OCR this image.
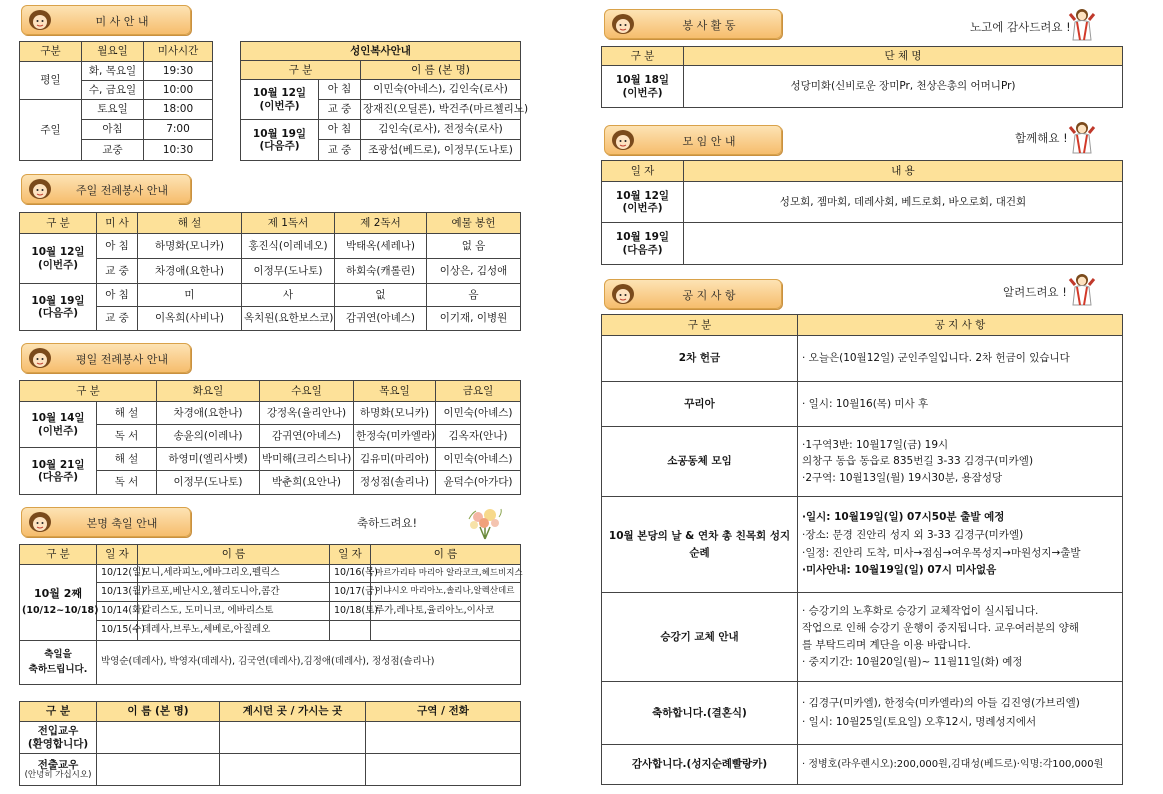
미 사 안 내
구분	월요일	미사시간
평일	화, 목요일	19:30
	수, 금요일	10:00
주일	토요일	18:00
	아침	7:00
	교중	10:30
성인복사안내		
구 분		이 름 (본 명)

10월 12일
(이번주)	아 침	이민숙(아네스), 김인숙(로사)
	교 중	장재진(오딜론), 박건주(마르첼리노)

10월 19일
(다음주)	아 침	김인숙(로사), 전정숙(로사)
	교 중	조광섭(베드로), 이정무(도나토)
주일 전례봉사 안내
구 분	미 사	해 설	제 1독서	제 2독서	예물 봉헌

10월 12일
(이번주)	아 침	하명화(모니카)	홍진식(이레네오)	박태옥(세레나)	없 음
	교 중	차경애(요한나)	이정무(도나토)	하회숙(캐롤린)	이상은, 김성애

10월 19일
(다음주)	아 침	미	사	없	음
	교 중	이옥희(사비나)	옥치원(요한보스코)	감귀연(아녜스)	이기재, 이병원
평일 전례봉사 안내
구 분		화요일	수요일	목요일	금요일

10월 14일
(이번주)	해 설	차경애(요한나)	강정옥(율리안나)	하명화(모니카)	이민숙(아녜스)
	독 서	송윤의(이레나)	감귀연(아녜스)	한정숙(미카엘라)	김옥자(안나)

10월 21일
(다음주)	해 설	하영미(엘리사벳)	박미해(크리스티나)	김유미(마리아)	이민숙(아녜스)
	독 서	이정무(도나토)	박춘희(요안나)	정성점(솔리나)	윤덕수(아가다)
본명 축일 안내	축하드려요!
구 분	일 자	이 름	일 자	이 름

10월 2째
(10/12~10/18)	10/12(일)	모니,세라피노,에바그리오,펠릭스	10/16(목)	마르가리타 마리아 알라코크,헤드비지스
	10/13(월)	가르포,베난시오,첼리도니아,콤간	10/17(금)	이냐시오 마리아노,솔리나,알렉산데르
	10/14(화)	갈리스도, 도미니코, 에바리스토	10/18(토)	루가,레나토,율리아노,이사코
	10/15(수)	데레사,브루노,세베로,아질레오		

축일을
축하드립니다.	박영순(데레사), 박영자(데레사), 김국연(데레사),김정애(데레사), 정성점(솔리나)			
구 분	이 름 (본 명)	계시던 곳 / 가시는 곳	구역 / 전화

전입교우
(환영합니다)			

전출교우
(안녕히 가십시오)			

봉 사 활 동	노고에 감사드려요 !
구 분	단 체 명

10월 18일
(이번주)	성당미화(신비로운 장미Pr, 천상은총의 어머니Pr)
모 임 안 내	함께해요 !
일 자	내 용

10월 12일
(이번주)	성모회, 젬마회, 데레사회, 베드로회, 바오로회, 대건회

10월 19일
(다음주)	

공 지 사 항	알려드려요 !
구 분	공 지 사 항
2차 헌금	· 오늘은(10월12일) 군인주일입니다. 2차 헌금이 있습니다

꾸리아	· 일시: 10월16(목) 미사 후

소공동체 모임	·1구역3반: 10월17일(금) 19시
의창구 동읍 동읍로 835번길 3-33 김경구(미카엘)
·2구역: 10월13일(월) 19시30분, 용잠성당

10월 본당의 날 & 연차 총 친목회 성지순례	·일시: 10월19일(일) 07시50분 출발 예정
·장소: 문경 진안리 성지 외 3-33 김경구(미카엘)
·일정: 진안리 도착, 미사→점심→여우목성지→마원성지→출발
·미사안내: 10월19일(일) 07시 미사없음

승강기 교체 안내	· 승강기의 노후화로 승강기 교체작업이 실시됩니다.
작업으로 인해 승강기 운행이 중지됩니다. 교우여러분의 양해
를 부탁드리며 계단을 이용 바랍니다.
· 중지기간: 10월20일(월)~ 11월11일(화) 예정

축하합니다.(결혼식)	· 김경구(미카엘), 한정숙(미카엘라)의 아들 김진영(가브리엘)
· 일시: 10월25일(토요일) 오후12시, 명례성지에서

감사합니다.(성지순례빨랑카)	· 정병호(라우렌시오):200,000원,김대성(베드로)·익명:각100,000원
